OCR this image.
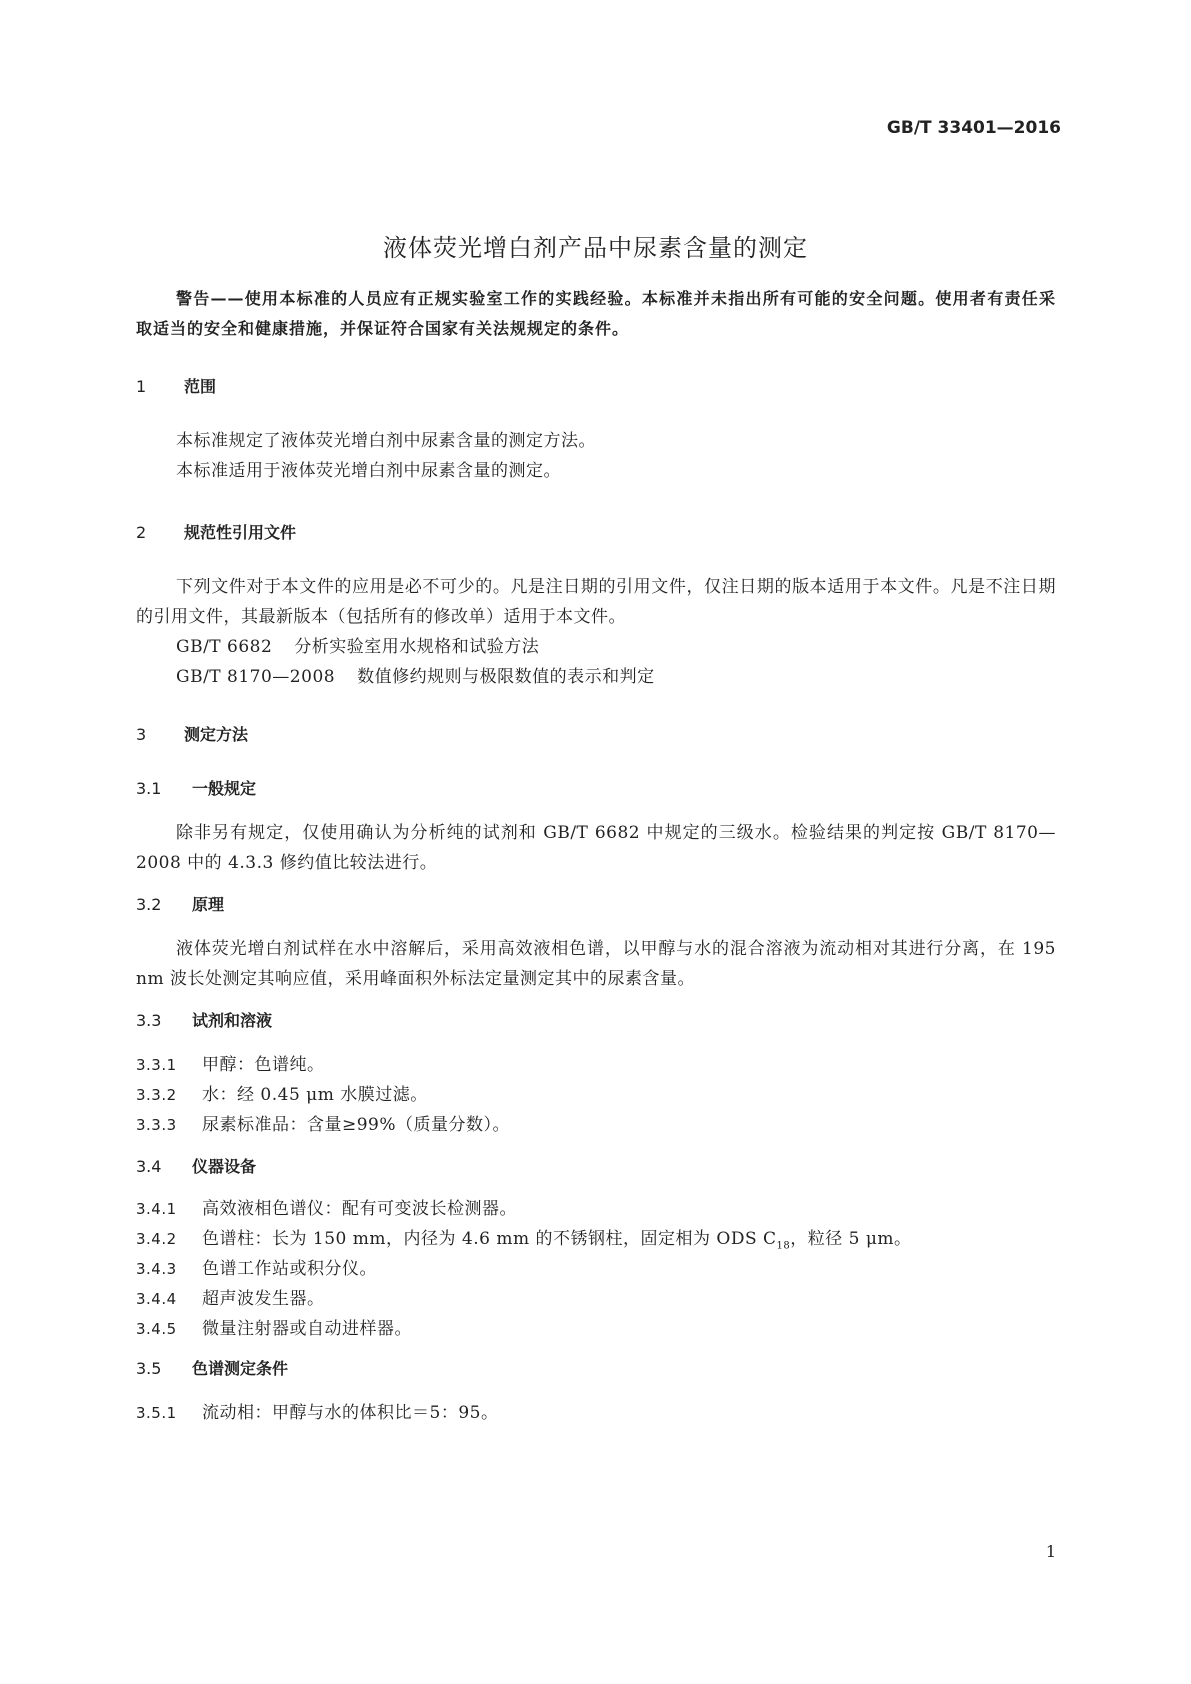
GB/T 33401—2016
液体荧光增白剂产品中尿素含量的测定
警告——使用本标准的人员应有正规实验室工作的实践经验。本标准并未指出所有可能的安全问题。使用者有责任采取适当的安全和健康措施，并保证符合国家有关法规规定的条件。
1 范围
本标准规定了液体荧光增白剂中尿素含量的测定方法。
本标准适用于液体荧光增白剂中尿素含量的测定。
2 规范性引用文件
下列文件对于本文件的应用是必不可少的。凡是注日期的引用文件，仅注日期的版本适用于本文件。凡是不注日期的引用文件，其最新版本（包括所有的修改单）适用于本文件。
GB/T 6682 分析实验室用水规格和试验方法
GB/T 8170—2008 数值修约规则与极限数值的表示和判定
3 测定方法
3.1 一般规定
除非另有规定，仅使用确认为分析纯的试剂和 GB/T 6682 中规定的三级水。检验结果的判定按 GB/T 8170—2008 中的 4.3.3 修约值比较法进行。
3.2 原理
液体荧光增白剂试样在水中溶解后，采用高效液相色谱，以甲醇与水的混合溶液为流动相对其进行分离，在 195 nm 波长处测定其响应值，采用峰面积外标法定量测定其中的尿素含量。
3.3 试剂和溶液
3.3.1 甲醇：色谱纯。
3.3.2 水：经 0.45 μm 水膜过滤。
3.3.3 尿素标准品：含量≥99%（质量分数）。
3.4 仪器设备
3.4.1 高效液相色谱仪：配有可变波长检测器。
3.4.2 色谱柱：长为 150 mm，内径为 4.6 mm 的不锈钢柱，固定相为 ODS $C_{18}$，粒径 5 μm。
3.4.3 色谱工作站或积分仪。
3.4.4 超声波发生器。
3.4.5 微量注射器或自动进样器。
3.5 色谱测定条件
3.5.1 流动相：甲醇与水的体积比＝5：95。
1
